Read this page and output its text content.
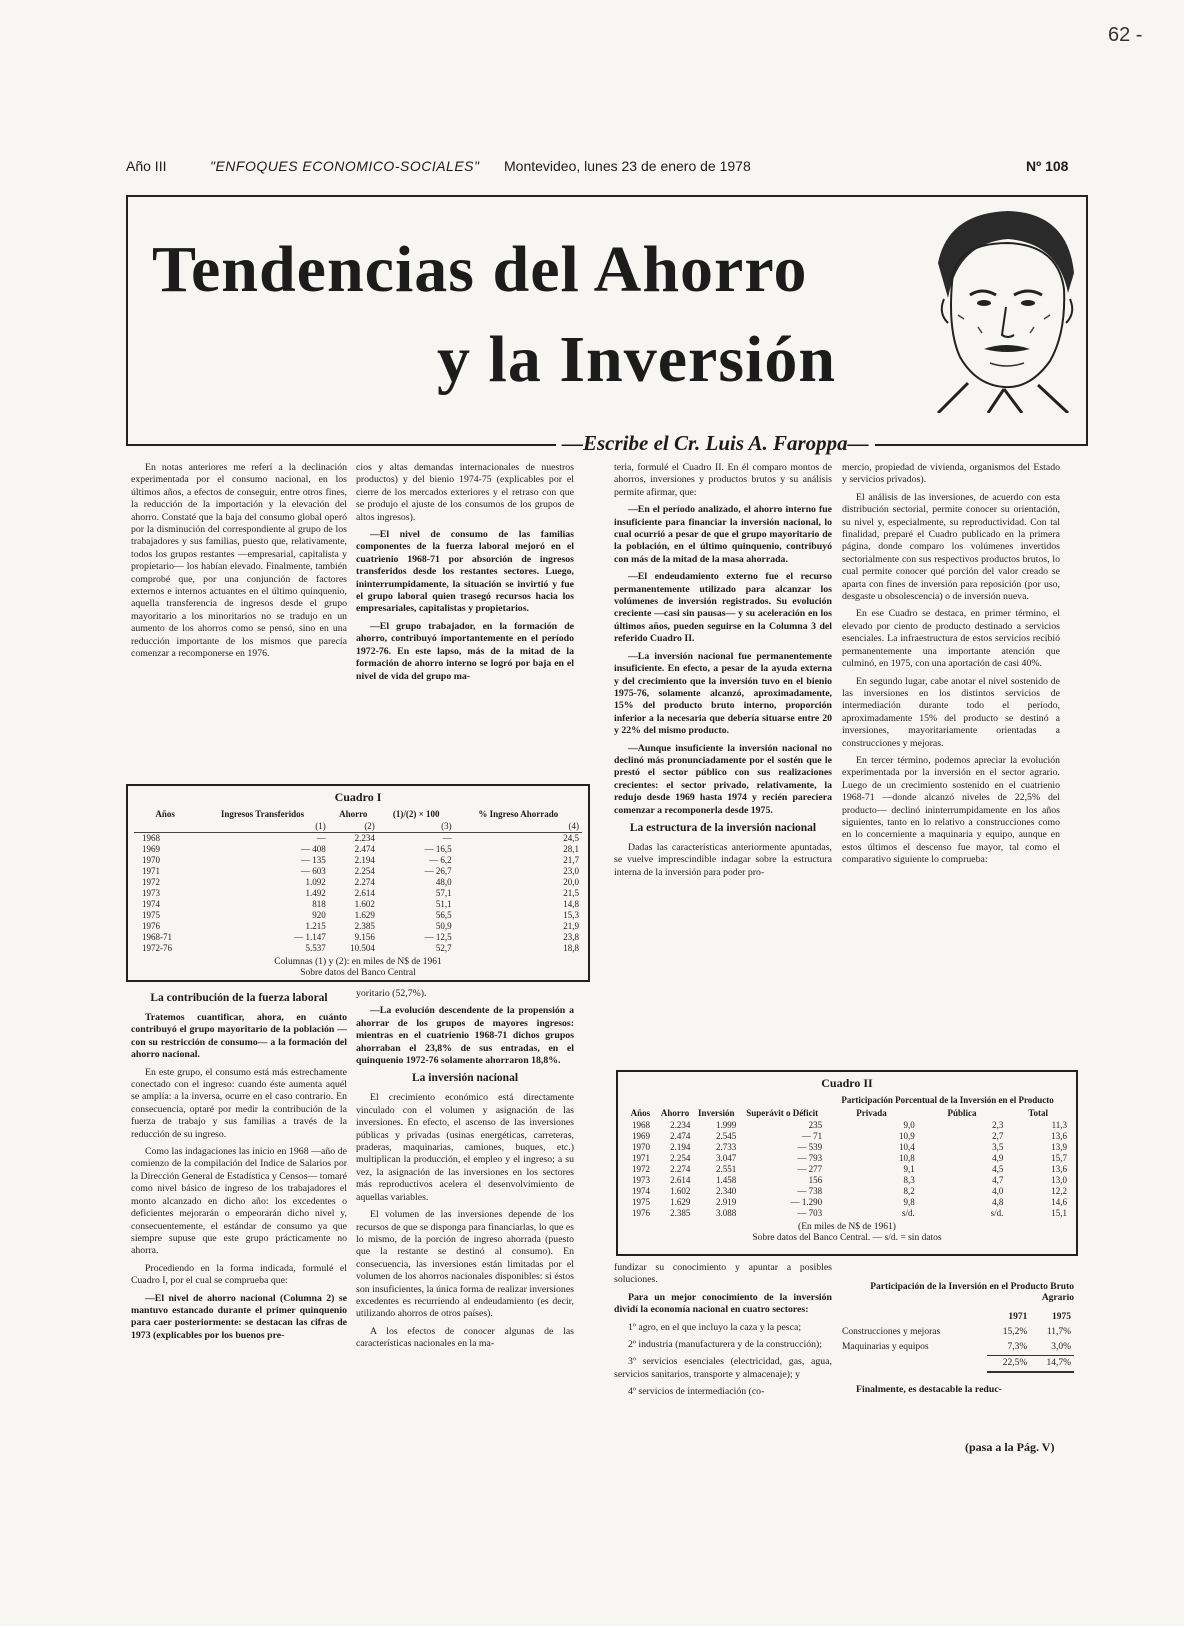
62 -
Año III	"ENFOQUES ECONOMICO-SOCIALES" Montevideo, lunes 23 de enero de 1978	Nº 108
Tendencias del Ahorro
y la Inversión
—Escribe el Cr. Luis A. Faroppa—

En notas anteriores me referí a la declinación experimentada por el consumo nacional, en los últimos años, a efectos de conseguir, entre otros fines, la reducción de la importación y la elevación del ahorro. Constaté que la baja del consumo global operó por la disminución del correspondiente al grupo de los trabajadores y sus familias, puesto que, relativamente, todos los grupos restantes —empresarial, capitalista y propietario— los habían elevado. Finalmente, también comprobé que, por una conjunción de factores externos e internos actuantes en el último quinquenio, aquella transferencia de ingresos desde el grupo mayoritario a los minoritarios no se tradujo en un aumento de los ahorros como se pensó, sino en una reducción importante de los mismos que parecía comenzar a recomponerse en 1976.

cios y altas demandas internacionales de nuestros productos) y del bienio 1974-75 (explicables por el cierre de los mercados exteriores y el retraso con que se produjo el ajuste de los consumos de los grupos de altos ingresos).

—El nivel de consumo de las familias componentes de la fuerza laboral mejoró en el cuatrienio 1968-71 por absorción de ingresos transferidos desde los restantes sectores. Luego, ininterrumpidamente, la situación se invirtió y fue el grupo laboral quien trasegó recursos hacia los empresariales, capitalistas y propietarios.

—El grupo trabajador, en la formación de ahorro, contribuyó importantemente en el período 1972-76. En este lapso, más de la mitad de la formación de ahorro interno se logró por baja en el nivel de vida del grupo ma-

teria, formulé el Cuadro II. En él comparo montos de ahorros, inversiones y productos brutos y su análisis permite afirmar, que:

—En el período analizado, el ahorro interno fue insuficiente para financiar la inversión nacional, lo cual ocurrió a pesar de que el grupo mayoritario de la población, en el último quinquenio, contribuyó con más de la mitad de la masa ahorrada.

—El endeudamiento externo fue el recurso permanentemente utilizado para alcanzar los volúmenes de inversión registrados. Su evolución creciente —casi sin pausas— y su aceleración en los últimos años, pueden seguirse en la Columna 3 del referido Cuadro II.

—La inversión nacional fue permanentemente insuficiente. En efecto, a pesar de la ayuda externa y del crecimiento que la inversión tuvo en el bienio 1975-76, solamente alcanzó, aproximadamente, 15% del producto bruto interno, proporción inferior a la necesaria que debería situarse entre 20 y 22% del mismo producto.

—Aunque insuficiente la inversión nacional no declinó más pronunciadamente por el sostén que le prestó el sector público con sus realizaciones crecientes: el sector privado, relativamente, la redujo desde 1969 hasta 1974 y recién pareciera comenzar a recomponerla desde 1975.

La estructura de la inversión nacional

Dadas las características anteriormente apuntadas, se vuelve imprescindible indagar sobre la estructura interna de la inversión para poder pro-

mercio, propiedad de vivienda, organismos del Estado y servicios privados).

El análisis de las inversiones, de acuerdo con esta distribución sectorial, permite conocer su orientación, su nivel y, especialmente, su reproductividad. Con tal finalidad, preparé el Cuadro publicado en la primera página, donde comparo los volúmenes invertidos sectorialmente con sus respectivos productos brutos, lo cual permite conocer qué porción del valor creado se aparta con fines de inversión para reposición (por uso, desgaste u obsolescencia) o de inversión nueva.

En ese Cuadro se destaca, en primer término, el elevado por ciento de producto destinado a servicios esenciales. La infraestructura de estos servicios recibió permanentemente una importante atención que culminó, en 1975, con una aportación de casi 40%.

En segundo lugar, cabe anotar el nivel sostenido de las inversiones en los distintos servicios de intermediación durante todo el período, aproximadamente 15% del producto se destinó a inversiones, mayoritariamente orientadas a construcciones y mejoras.

En tercer término, podemos apreciar la evolución experimentada por la inversión en el sector agrario. Luego de un crecimiento sostenido en el cuatrienio 1968-71 —donde alcanzó niveles de 22,5% del producto— declinó ininterrumpidamente en los años siguientes, tanto en lo relativo a construcciones como en lo concerniente a maquinaria y equipo, aunque en estos últimos el descenso fue mayor, tal como el comparativo siguiente lo comprueba:

La contribución de la fuerza laboral

Tratemos cuantificar, ahora, en cuánto contribuyó el grupo mayoritario de la población —con su restricción de consumo— a la formación del ahorro nacional.

En este grupo, el consumo está más estrechamente conectado con el ingreso: cuando éste aumenta aquél se amplía: a la inversa, ocurre en el caso contrario. En consecuencia, optaré por medir la contribución de la fuerza de trabajo y sus familias a través de la reducción de su ingreso.

Como las indagaciones las inicio en 1968 —año de comienzo de la compilación del Indice de Salarios por la Dirección General de Estadística y Censos— tomaré como nivel básico de ingreso de los trabajadores el monto alcanzado en dicho año: los excedentes o deficientes mejorarán o empeorarán dicho nivel y, consecuentemente, el estándar de consumo ya que siempre supuse que este grupo prácticamente no ahorra.

Procediendo en la forma indicada, formulé el Cuadro I, por el cual se comprueba que:

—El nivel de ahorro nacional (Columna 2) se mantuvo estancado durante el primer quinquenio para caer posteriormente: se destacan las cifras de 1973 (explicables por los buenos pre-

yoritario (52,7%).

—La evolución descendente de la propensión a ahorrar de los grupos de mayores ingresos: mientras en el cuatrienio 1968-71 dichos grupos ahorraban el 23,8% de sus entradas, en el quinquenio 1972-76 solamente ahorraron 18,8%.

La inversión nacional

El crecimiento económico está directamente vinculado con el volumen y asignación de las inversiones. En efecto, el ascenso de las inversiones públicas y privadas (usinas energéticas, carreteras, praderas, maquinarias, camiones, buques, etc.) multiplican la producción, el empleo y el ingreso; a su vez, la asignación de las inversiones en los sectores más reproductivos acelera el desenvolvimiento de aquellas variables.

El volumen de las inversiones depende de los recursos de que se disponga para financiarlas, lo que es lo mismo, de la porción de ingreso ahorrada (puesto que la restante se destinó al consumo). En consecuencia, las inversiones están limitadas por el volumen de los ahorros nacionales disponibles: si éstos son insuficientes, la única forma de realizar inversiones excedentes es recurriendo al endeudamiento (es decir, utilizando ahorros de otros países).

A los efectos de conocer algunas de las características nacionales en la ma-

fundizar su conocimiento y apuntar a posibles soluciones.

Para un mejor conocimiento de la inversión dividí la economía nacional en cuatro sectores:

1º agro, en el que incluyo la caza y la pesca;

2º industria (manufacturera y de la construcción);

3º servicios esenciales (electricidad, gas, agua, servicios sanitarios, transporte y almacenaje); y

4º servicios de intermediación (co-	Finalmente, es destacable la reduc-

Cuadro I
Años	Ingresos Transferidos	Ahorro	(1)/(2) × 100	% Ingreso Ahorrado
	(1)	(2)	(3)	(4)
1968	—	2.234	—	24,5
1969	— 408	2.474	— 16,5	28,1
1970	— 135	2.194	— 6,2	21,7
1971	— 603	2.254	— 26,7	23,0
1972	1.092	2.274	48,0	20,0
1973	1.492	2.614	57,1	21,5
1974	818	1.602	51,1	14,8
1975	920	1.629	56,5	15,3
1976	1.215	2.385	50,9	21,9
1968-71	— 1.147	9.156	— 12,5	23,8
1972-76	5.537	10.504	52,7	18,8
Columnas (1) y (2): en miles de N$ de 1961
Sobre datos del Banco Central
Cuadro II
				Participación Porcentual de la Inversión en el Producto		
Años	Ahorro	Inversión	Superávit o Déficit	Privada	Pública	Total
1968	2.234	1.999	235	9,0	2,3	11,3
1969	2.474	2.545	— 71	10,9	2,7	13,6
1970	2.194	2.733	— 539	10,4	3,5	13,9
1971	2.254	3.047	— 793	10,8	4,9	15,7
1972	2.274	2.551	— 277	9,1	4,5	13,6
1973	2.614	1.458	156	8,3	4,7	13,0
1974	1.602	2.340	— 738	8,2	4,0	12,2
1975	1.629	2.919	— 1.290	9,8	4,8	14,6
1976	2.385	3.088	— 703	s/d.	s/d.	15,1
(En miles de N$ de 1961)
Sobre datos del Banco Central. — s/d. = sin datos
Participación de la Inversión en el Producto Bruto Agrario
	1971	1975
Construcciones y mejoras	15,2%	11,7%
Maquinarias y equipos	7,3%	3,0%
	22,5%	14,7%
(pasa a la Pág. V)
